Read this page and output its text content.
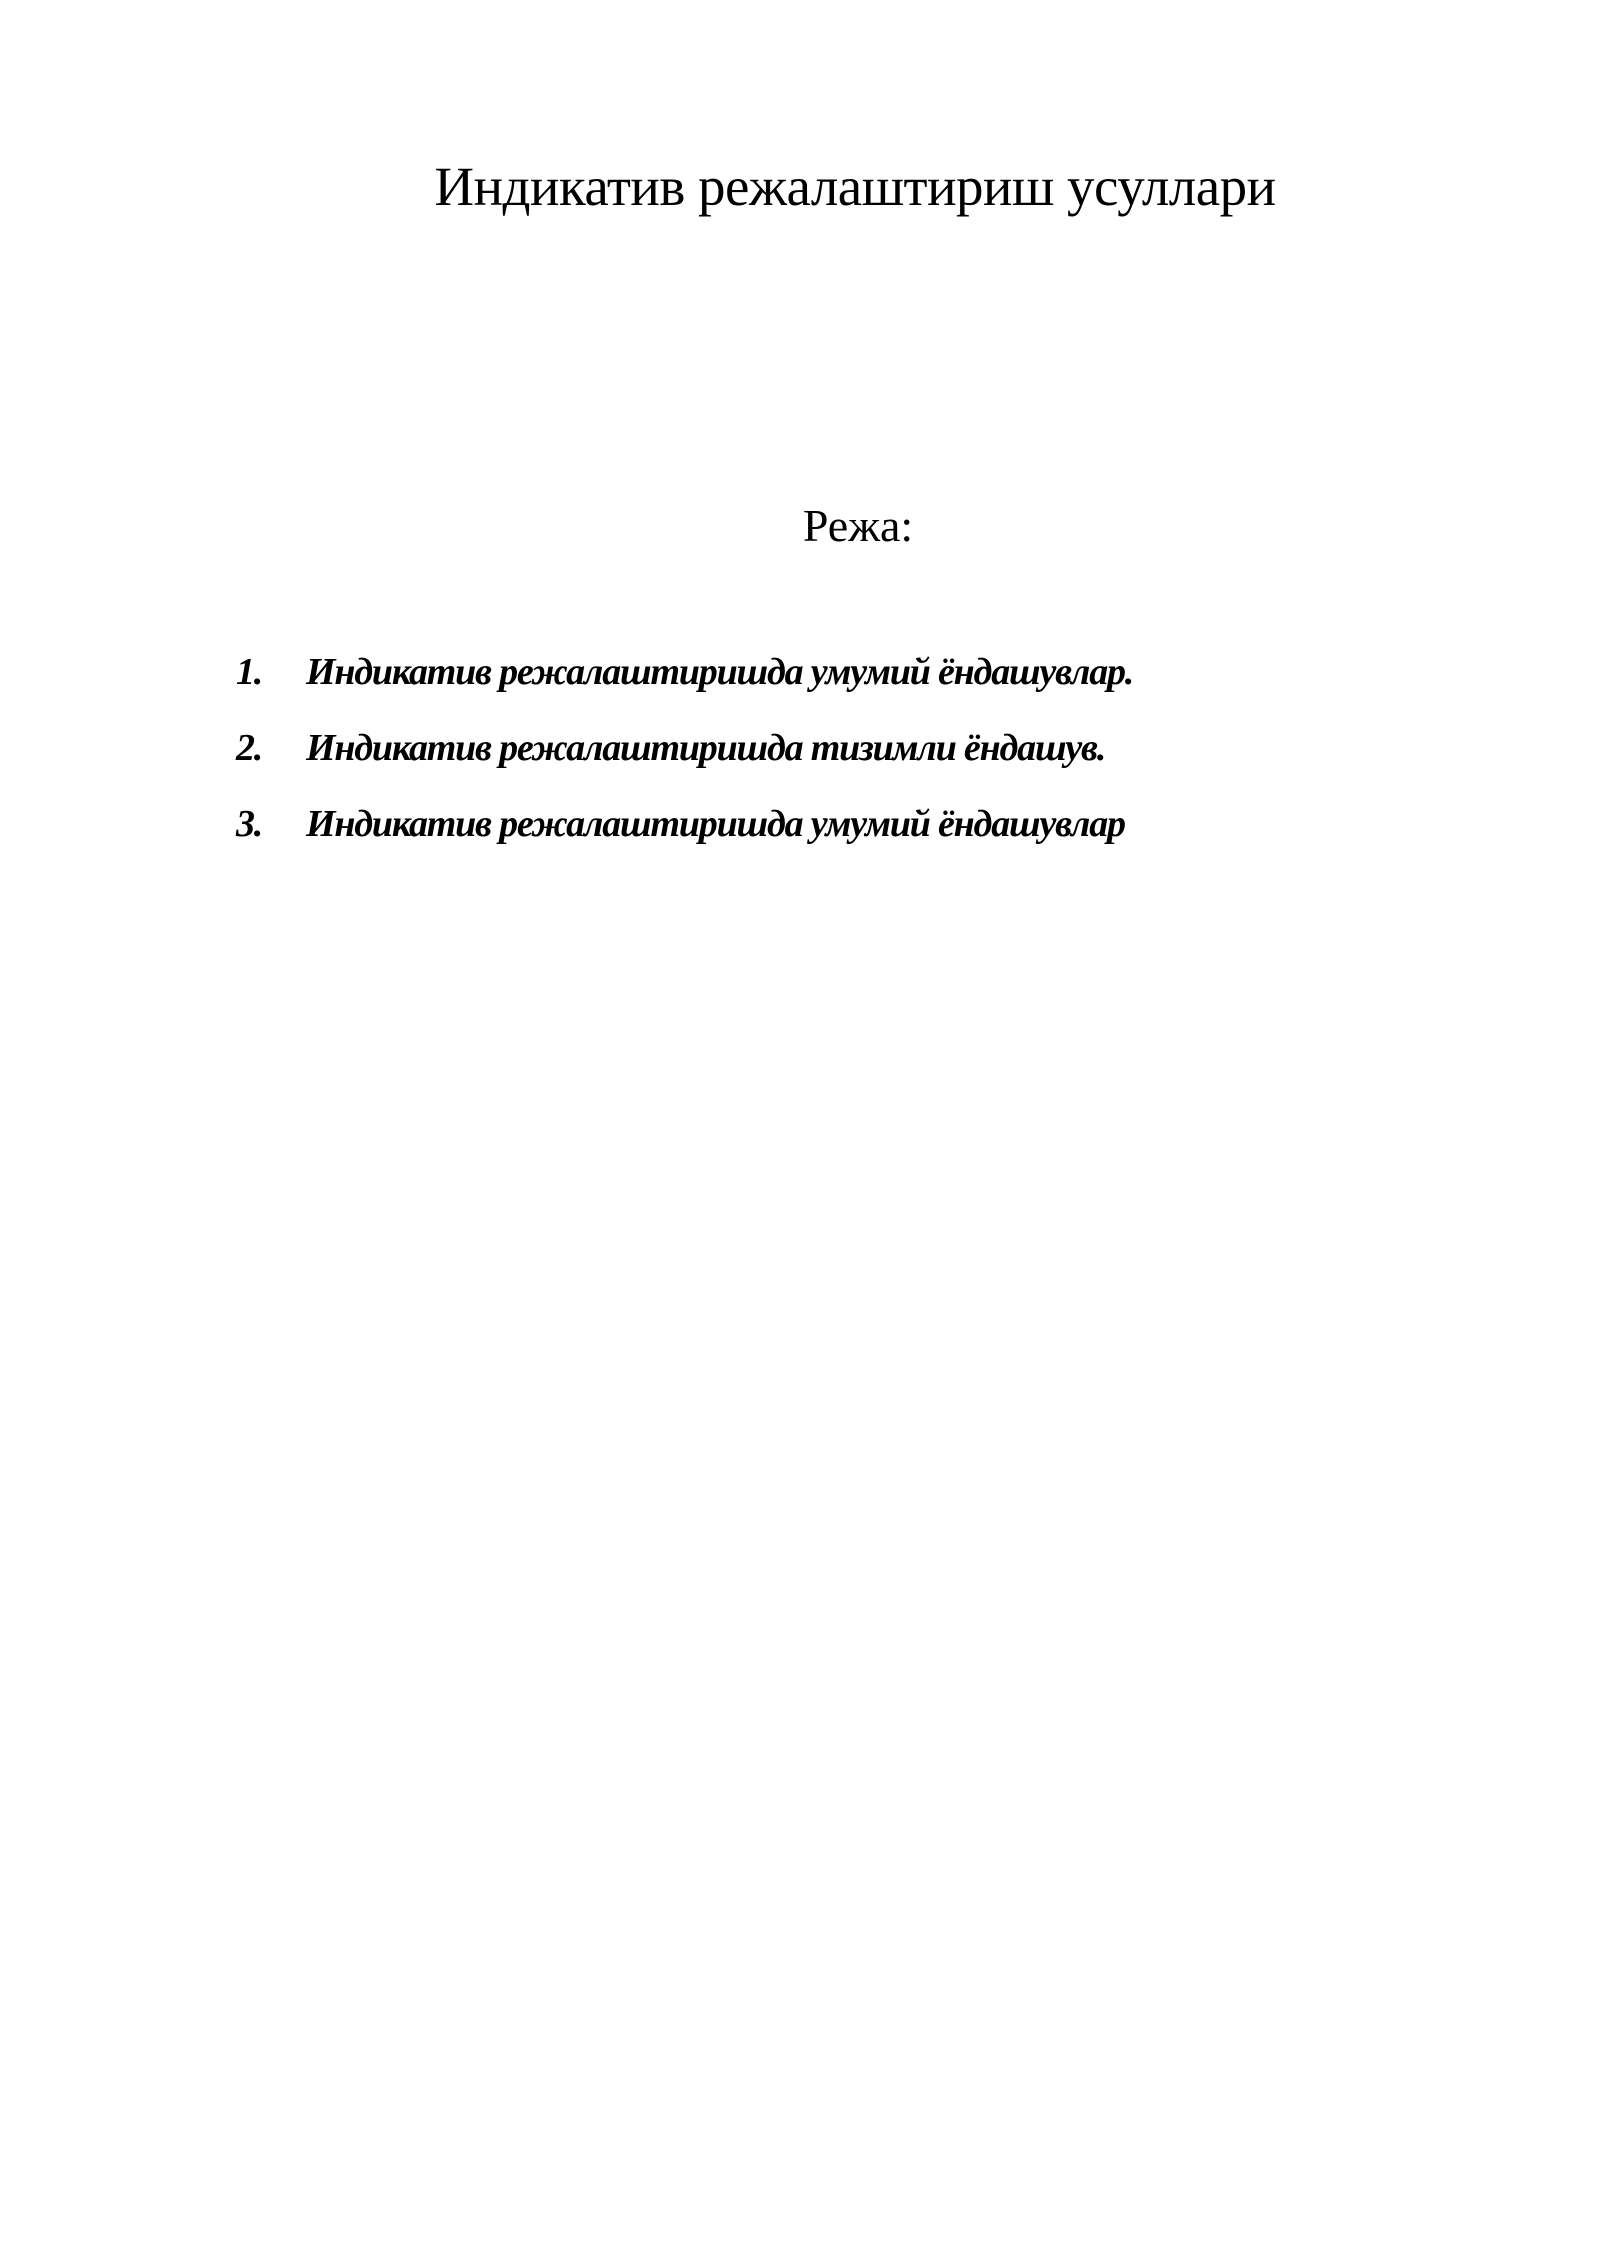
Индикатив режалаштириш усуллари
Режа:
1.	Индикатив режалаштиришда умумий ёндашувлар.
2.	Индикатив режалаштиришда тизимли ёндашув.
3.	Индикатив режалаштиришда умумий ёндашувлар
